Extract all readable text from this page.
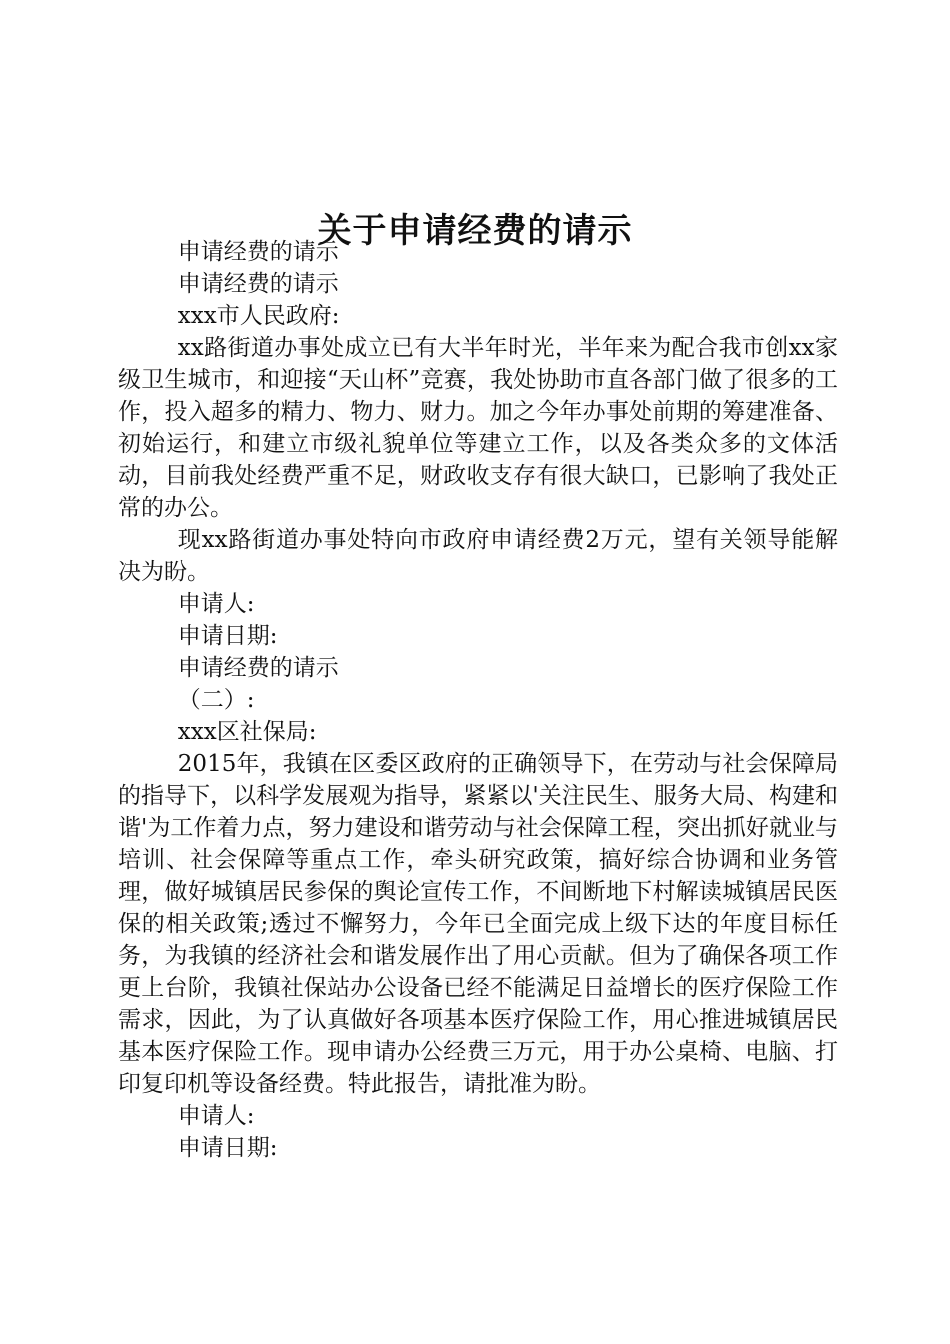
关于申请经费的请示

申请经费的请示

申请经费的请示

xxx市人民政府:

xx路街道办事处成立已有大半年时光，半年来为配合我市创xx家级卫生城市，和迎接“天山杯”竞赛，我处协助市直各部门做了很多的工作，投入超多的精力、物力、财力。加之今年办事处前期的筹建准备、初始运行，和建立市级礼貌单位等建立工作，以及各类众多的文体活动，目前我处经费严重不足，财政收支存有很大缺口，已影响了我处正常的办公。

现xx路街道办事处特向市政府申请经费2万元，望有关领导能解决为盼。

申请人:

申请日期:

申请经费的请示

（二）:

xxx区社保局:

2015年，我镇在区委区政府的正确领导下，在劳动与社会保障局的指导下，以科学发展观为指导，紧紧以'关注民生、服务大局、构建和谐'为工作着力点，努力建设和谐劳动与社会保障工程，突出抓好就业与培训、社会保障等重点工作，牵头研究政策，搞好综合协调和业务管理，做好城镇居民参保的舆论宣传工作，不间断地下村解读城镇居民医保的相关政策;透过不懈努力，今年已全面完成上级下达的年度目标任务，为我镇的经济社会和谐发展作出了用心贡献。但为了确保各项工作更上台阶，我镇社保站办公设备已经不能满足日益增长的医疗保险工作需求，因此，为了认真做好各项基本医疗保险工作，用心推进城镇居民基本医疗保险工作。现申请办公经费三万元，用于办公桌椅、电脑、打印复印机等设备经费。特此报告，请批准为盼。

申请人:

申请日期:
